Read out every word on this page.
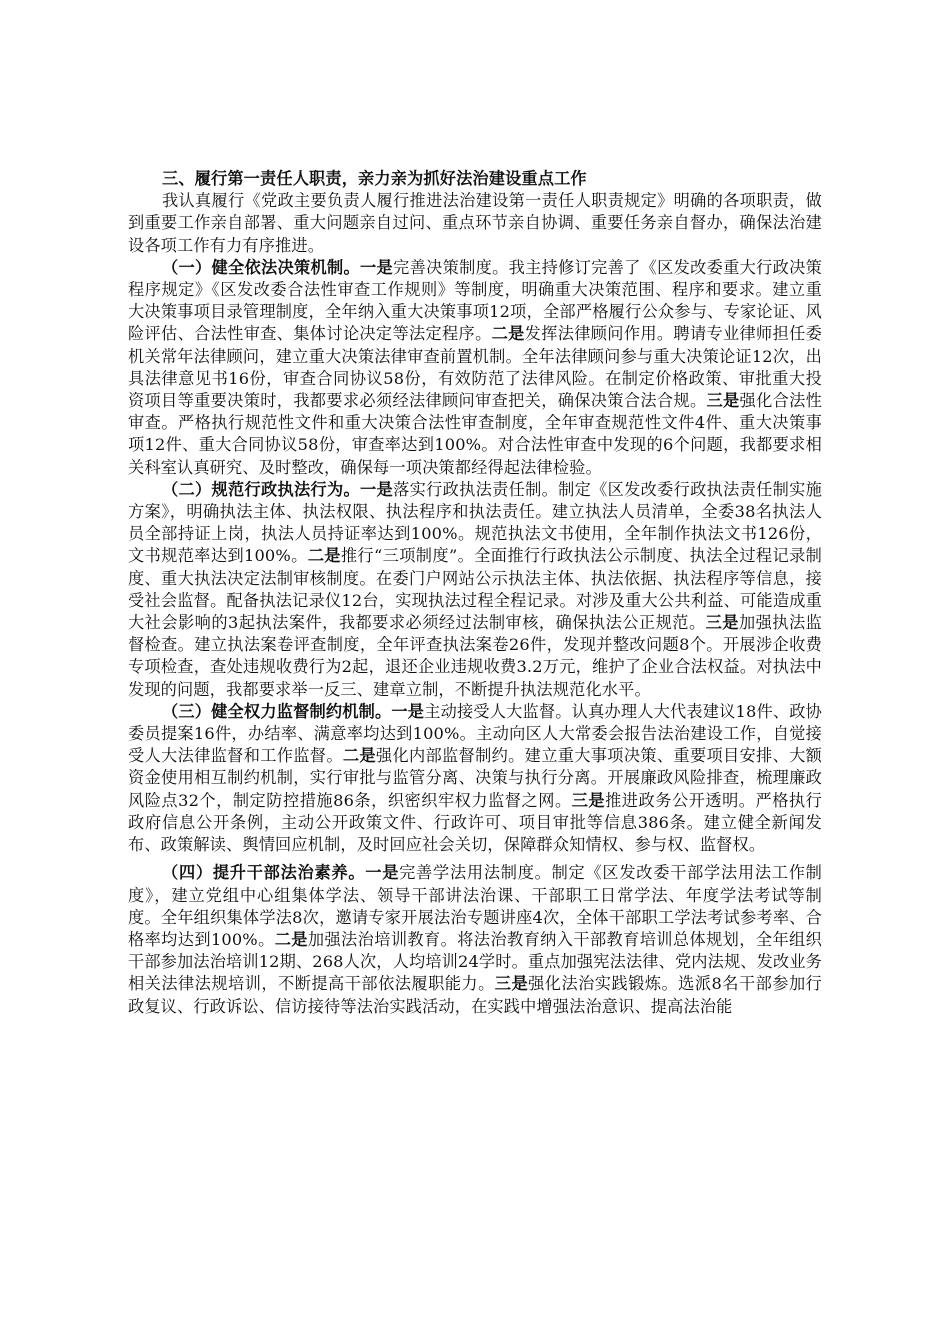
三、履行第一责任人职责，亲力亲为抓好法治建设重点工作

我认真履行《党政主要负责人履行推进法治建设第一责任人职责规定》明确的各项职责，做到重要工作亲自部署、重大问题亲自过问、重点环节亲自协调、重要任务亲自督办，确保法治建设各项工作有力有序推进。

（一）健全依法决策机制。一是完善决策制度。我主持修订完善了《区发改委重大行政决策程序规定》《区发改委合法性审查工作规则》等制度，明确重大决策范围、程序和要求。建立重大决策事项目录管理制度，全年纳入重大决策事项12项，全部严格履行公众参与、专家论证、风险评估、合法性审查、集体讨论决定等法定程序。二是发挥法律顾问作用。聘请专业律师担任委机关常年法律顾问，建立重大决策法律审查前置机制。全年法律顾问参与重大决策论证12次，出具法律意见书16份，审查合同协议58份，有效防范了法律风险。在制定价格政策、审批重大投资项目等重要决策时，我都要求必须经法律顾问审查把关，确保决策合法合规。三是强化合法性审查。严格执行规范性文件和重大决策合法性审查制度，全年审查规范性文件4件、重大决策事项12件、重大合同协议58份，审查率达到100%。对合法性审查中发现的6个问题，我都要求相关科室认真研究、及时整改，确保每一项决策都经得起法律检验。

（二）规范行政执法行为。一是落实行政执法责任制。制定《区发改委行政执法责任制实施方案》，明确执法主体、执法权限、执法程序和执法责任。建立执法人员清单，全委38名执法人员全部持证上岗，执法人员持证率达到100%。规范执法文书使用，全年制作执法文书126份，文书规范率达到100%。二是推行“三项制度”。全面推行行政执法公示制度、执法全过程记录制度、重大执法决定法制审核制度。在委门户网站公示执法主体、执法依据、执法程序等信息，接受社会监督。配备执法记录仪12台，实现执法过程全程记录。对涉及重大公共利益、可能造成重大社会影响的3起执法案件，我都要求必须经过法制审核，确保执法公正规范。三是加强执法监督检查。建立执法案卷评查制度，全年评查执法案卷26件，发现并整改问题8个。开展涉企收费专项检查，查处违规收费行为2起，退还企业违规收费3.2万元，维护了企业合法权益。对执法中发现的问题，我都要求举一反三、建章立制，不断提升执法规范化水平。

（三）健全权力监督制约机制。一是主动接受人大监督。认真办理人大代表建议18件、政协委员提案16件，办结率、满意率均达到100%。主动向区人大常委会报告法治建设工作，自觉接受人大法律监督和工作监督。二是强化内部监督制约。建立重大事项决策、重要项目安排、大额资金使用相互制约机制，实行审批与监管分离、决策与执行分离。开展廉政风险排查，梳理廉政风险点32个，制定防控措施86条，织密织牢权力监督之网。三是推进政务公开透明。严格执行政府信息公开条例，主动公开政策文件、行政许可、项目审批等信息386条。建立健全新闻发布、政策解读、舆情回应机制，及时回应社会关切，保障群众知情权、参与权、监督权。

（四）提升干部法治素养。一是完善学法用法制度。制定《区发改委干部学法用法工作制度》，建立党组中心组集体学法、领导干部讲法治课、干部职工日常学法、年度学法考试等制度。全年组织集体学法8次，邀请专家开展法治专题讲座4次，全体干部职工学法考试参考率、合格率均达到100%。二是加强法治培训教育。将法治教育纳入干部教育培训总体规划，全年组织干部参加法治培训12期、268人次，人均培训24学时。重点加强宪法法律、党内法规、发改业务相关法律法规培训，不断提高干部依法履职能力。三是强化法治实践锻炼。选派8名干部参加行政复议、行政诉讼、信访接待等法治实践活动，在实践中增强法治意识、提高法治能
